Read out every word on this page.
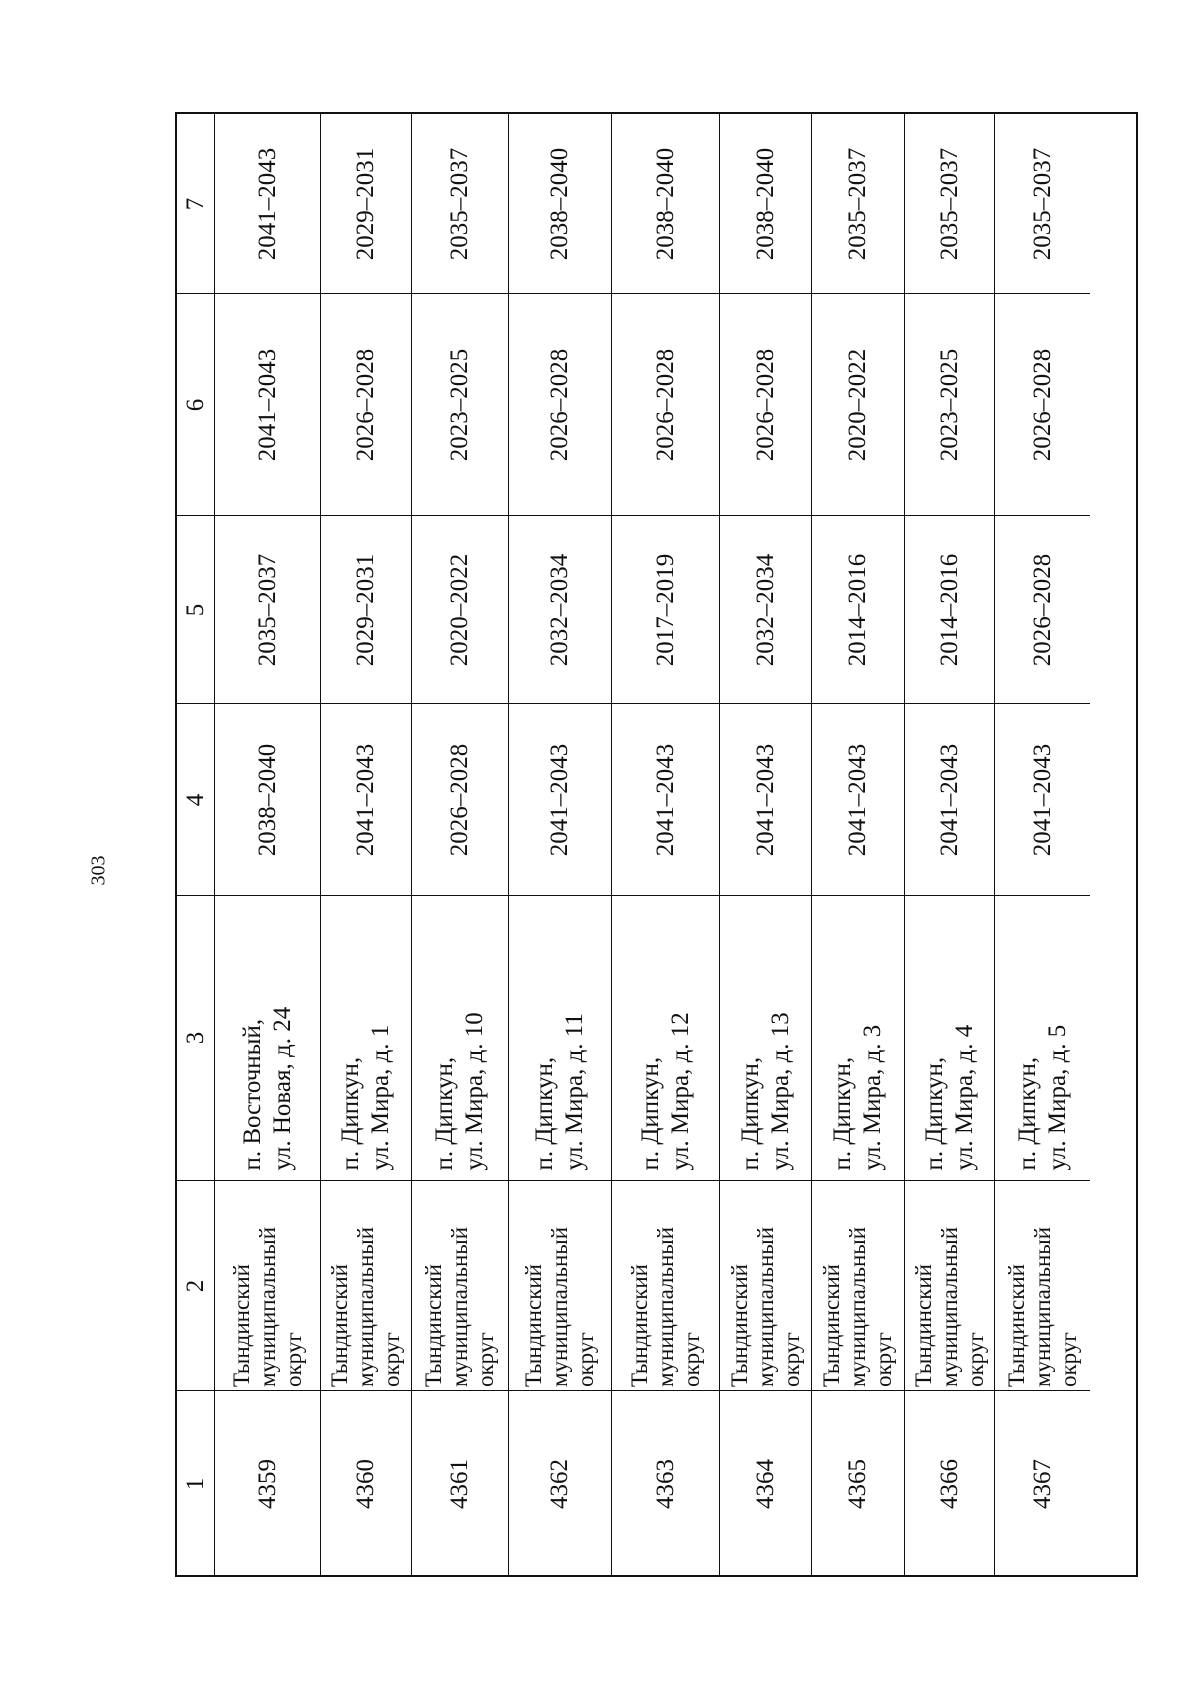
303
7
6
5
4
3
2
1
2041–2043
2041–2043
2035–2037
2038–2040
п. Восточный, ул. Новая, д. 24
Тындинский муниципальный округ
4359
2029–2031
2026–2028
2029–2031
2041–2043
п. Дипкун, ул. Мира, д. 1
Тындинский муниципальный округ
4360
2035–2037
2023–2025
2020–2022
2026–2028
п. Дипкун, ул. Мира, д. 10
Тындинский муниципальный округ
4361
2038–2040
2026–2028
2032–2034
2041–2043
п. Дипкун, ул. Мира, д. 11
Тындинский муниципальный округ
4362
2038–2040
2026–2028
2017–2019
2041–2043
п. Дипкун, ул. Мира, д. 12
Тындинский муниципальный округ
4363
2038–2040
2026–2028
2032–2034
2041–2043
п. Дипкун, ул. Мира, д. 13
Тындинский муниципальный округ
4364
2035–2037
2020–2022
2014–2016
2041–2043
п. Дипкун, ул. Мира, д. 3
Тындинский муниципальный округ
4365
2035–2037
2023–2025
2014–2016
2041–2043
п. Дипкун, ул. Мира, д. 4
Тындинский муниципальный округ
4366
2035–2037
2026–2028
2026–2028
2041–2043
п. Дипкун, ул. Мира, д. 5
Тындинский муниципальный округ
4367
